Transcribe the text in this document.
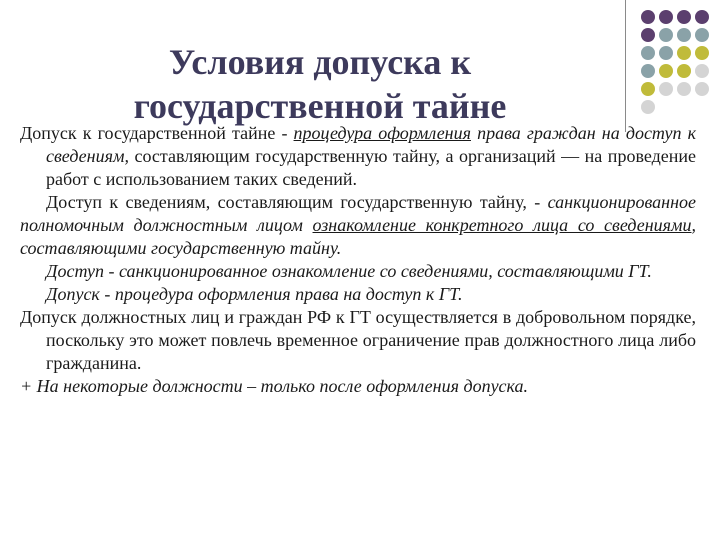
Условия допуска к
государственной тайне

Допуск к государственной тайне - процедура оформления права граждан на доступ к сведениям, составляющим государственную тайну, а организаций — на проведение работ с использованием таких сведений.

Доступ к сведениям, составляющим государственную тайну, - санкционированное полномочным должностным лицом ознакомление конкретного лица со сведениями, составляющими государственную тайну.

Доступ - санкционированное ознакомление со сведениями, составляющими ГТ.

Допуск - процедура оформления права на доступ к ГТ.

Допуск должностных лиц и граждан РФ к ГТ осуществляется в добровольном порядке, поскольку это может повлечь временное ограничение прав должностного лица либо гражданина.

+ На некоторые должности – только после оформления допуска.
